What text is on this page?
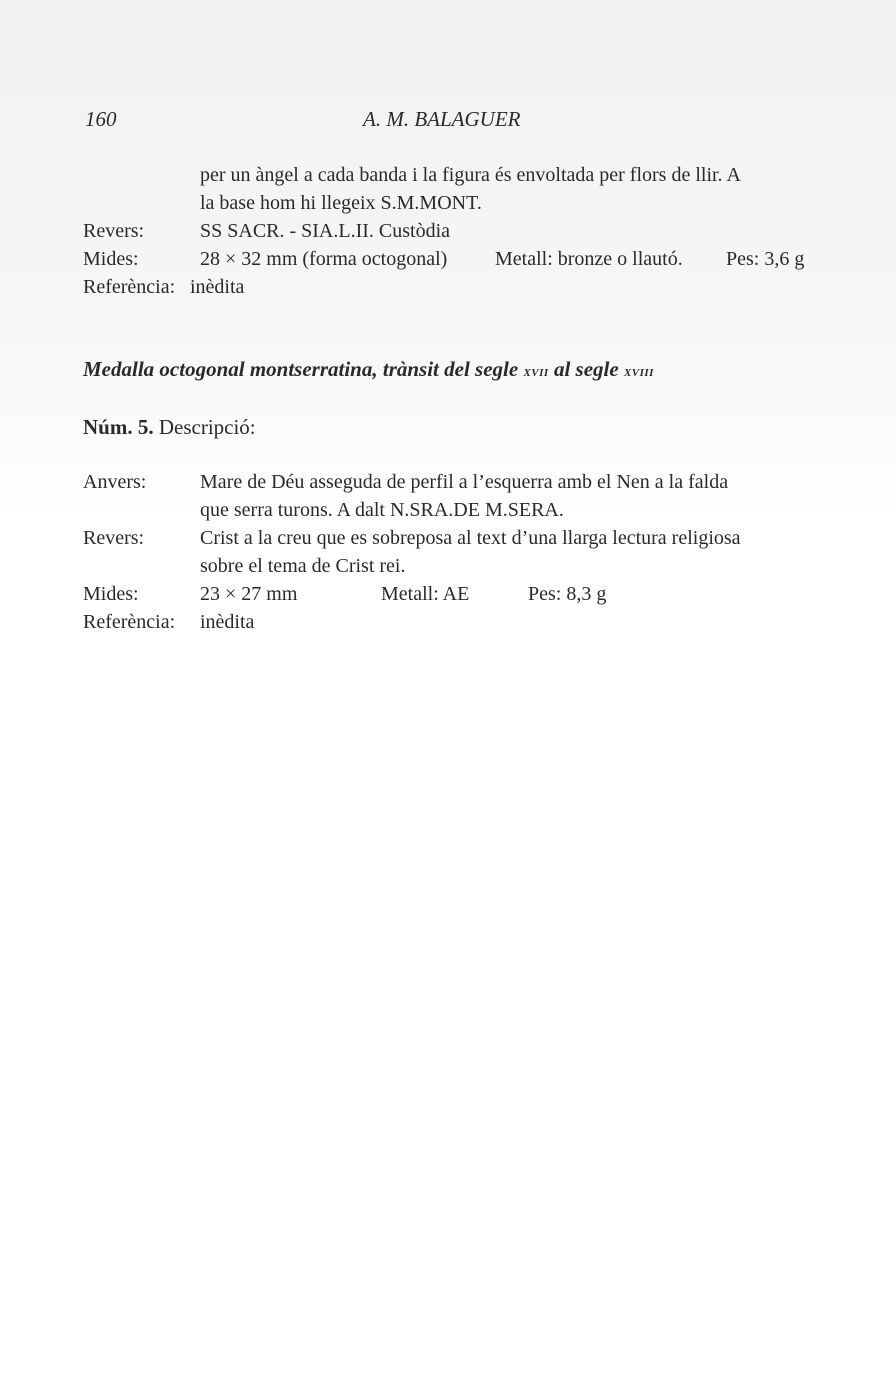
160	A. M. BALAGUER
per un àngel a cada banda i la figura és envoltada per flors de llir. A
la base hom hi llegeix S.M.MONT.
Revers:	SS SACR. - SIA.L.II. Custòdia
Mides:	28 × 32 mm (forma octogonal) Metall: bronze o llautó. Pes: 3,6 g
Referència: inèdita
Medalla octogonal montserratina, trànsit del segle xvii al segle xviii
Núm. 5. Descripció:
Anvers:	Mare de Déu asseguda de perfil a l’esquerra amb el Nen a la falda
que serra turons. A dalt N.SRA.DE M.SERA.
Revers:	Crist a la creu que es sobreposa al text d’una llarga lectura religiosa
sobre el tema de Crist rei.
Mides:	23 × 27 mm	Metall: AE	Pes: 8,3 g
Referència: inèdita
